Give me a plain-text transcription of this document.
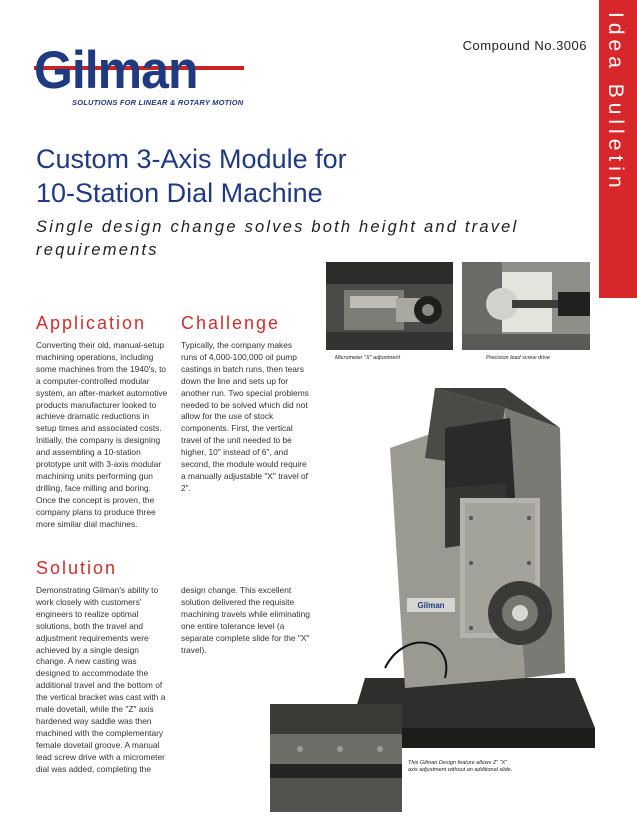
Gilman
SOLUTIONS FOR LINEAR & ROTARY MOTION
Compound No.3006 Idea Bulletin
Custom 3-Axis Module for
10-Station Dial Machine
Single design change solves both height and travel requirements
Application
Converting their old, manual-setup machining operations, including some machines from the 1940's, to a computer-controlled modular system, an after-market automotive products manufacturer looked to achieve dramatic reductions in setup times and associated costs. Initially, the company is designing and assembling a 10-station prototype unit with 3-axis modular machining units performing gun drilling, face milling and boring. Once the concept is proven, the company plans to produce three more similar dial machines.
Challenge
Typically, the company makes runs of 4,000-100,000 oil pump castings in batch runs, then tears down the line and sets up for another run. Two special problems needed to be solved which did not allow for the use of stock components. First, the vertical travel of the unit needed to be higher, 10" instead of 6", and second, the module would require a manually adjustable "X" travel of 2".
Solution
Demonstrating Gilman's ability to work closely with customers' engineers to realize optimal solutions, both the travel and adjustment requirements were achieved by a single design change. A new casting was designed to accommodate the additional travel and the bottom of the vertical bracket was cast with a male dovetail, while the "Z" axis hardened way saddle was then machined with the complementary female dovetail groove. A manual lead screw drive with a micrometer dial was added, completing the
design change. This excellent solution delivered the requisite machining travels while eliminating one entire tolerance level (a separate complete slide for the "X" travel).
Micrometer "X" adjustment	Precision lead screw drive
Gilman
This Gilman Design feature allows 2" "X" axis adjustment without an additional slide.
